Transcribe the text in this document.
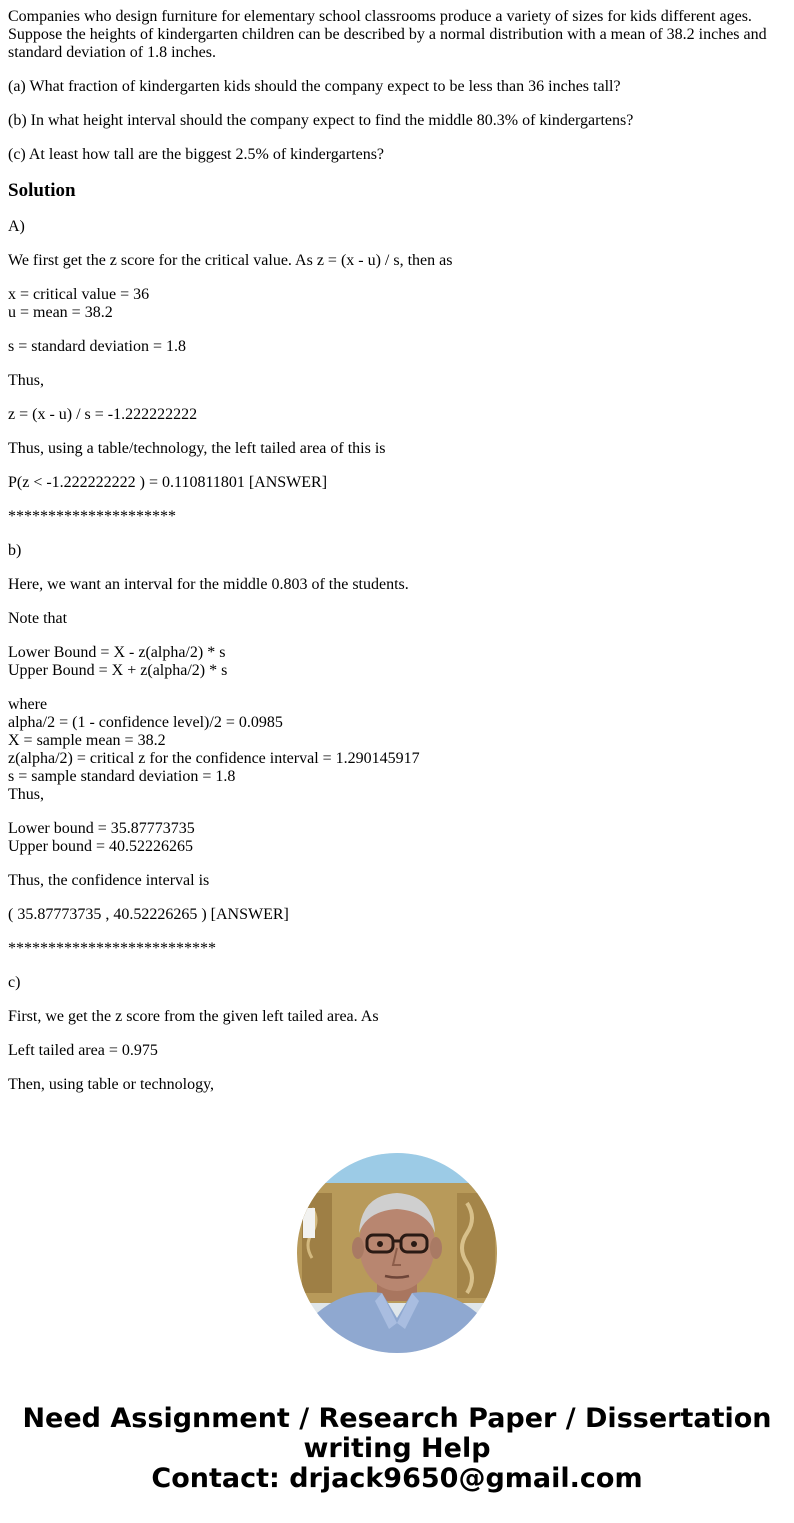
Companies who design furniture for elementary school classrooms produce a variety of sizes for kids different ages. Suppose the heights of kindergarten children can be described by a normal distribution with a mean of 38.2 inches and standard deviation of 1.8 inches.

(a) What fraction of kindergarten kids should the company expect to be less than 36 inches tall?

(b) In what height interval should the company expect to find the middle 80.3% of kindergartens?

(c) At least how tall are the biggest 2.5% of kindergartens?

Solution

A)

We first get the z score for the critical value. As z = (x - u) / s, then as

x = critical value = 36
u = mean = 38.2

s = standard deviation = 1.8

Thus,

z = (x - u) / s = -1.222222222

Thus, using a table/technology, the left tailed area of this is

P(z < -1.222222222 ) = 0.110811801 [ANSWER]

*********************

b)

Here, we want an interval for the middle 0.803 of the students.

Note that

Lower Bound = X - z(alpha/2) * s
Upper Bound = X + z(alpha/2) * s

where
alpha/2 = (1 - confidence level)/2 = 0.0985
X = sample mean = 38.2
z(alpha/2) = critical z for the confidence interval = 1.290145917
s = sample standard deviation = 1.8
Thus,

Lower bound = 35.87773735
Upper bound = 40.52226265

Thus, the confidence interval is

( 35.87773735 , 40.52226265 ) [ANSWER]

**************************

c)

First, we get the z score from the given left tailed area. As

Left tailed area = 0.975

Then, using table or technology,

Need Assignment / Research Paper / Dissertation
writing Help
Contact: drjack9650@gmail.com
